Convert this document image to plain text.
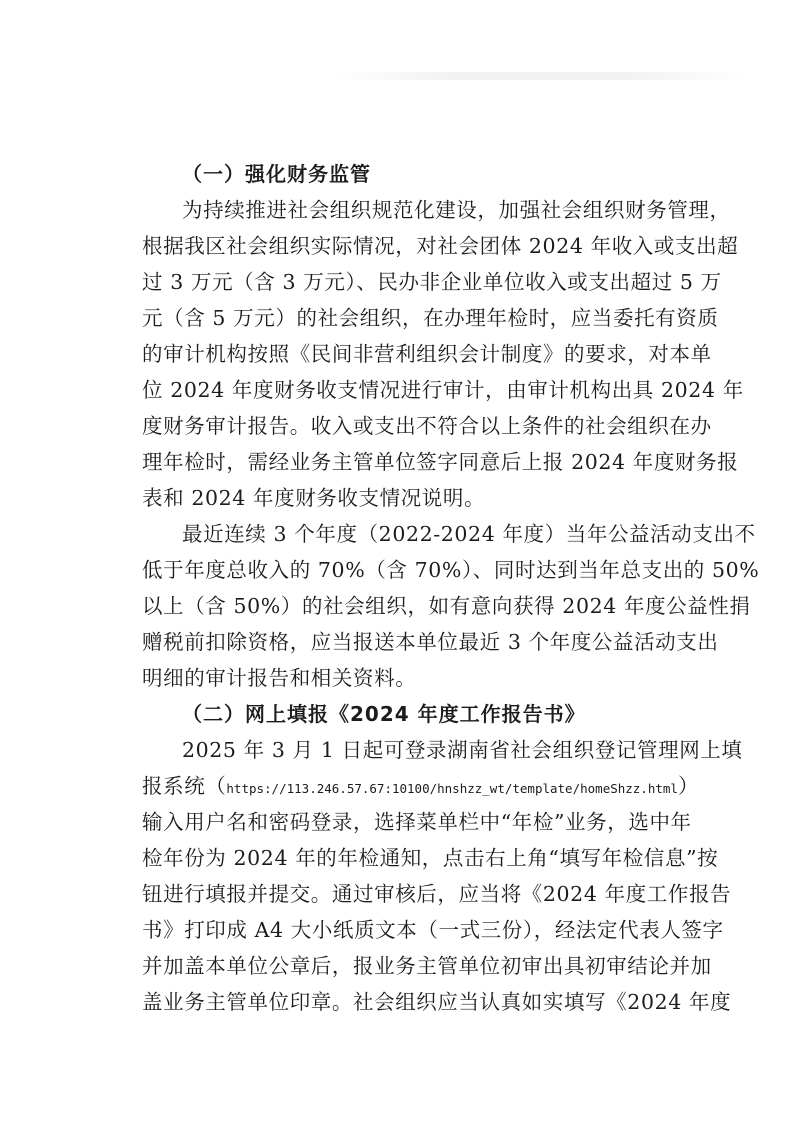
（一）强化财务监管
为持续推进社会组织规范化建设，加强社会组织财务管理，
根据我区社会组织实际情况，对社会团体 2024 年收入或支出超
过 3 万元（含 3 万元）、民办非企业单位收入或支出超过 5 万
元（含 5 万元）的社会组织，在办理年检时，应当委托有资质
的审计机构按照《民间非营利组织会计制度》的要求，对本单
位 2024 年度财务收支情况进行审计，由审计机构出具 2024 年
度财务审计报告。收入或支出不符合以上条件的社会组织在办
理年检时，需经业务主管单位签字同意后上报 2024 年度财务报
表和 2024 年度财务收支情况说明。
最近连续 3 个年度（2022-2024 年度）当年公益活动支出不
低于年度总收入的 70%（含 70%）、同时达到当年总支出的 50%
以上（含 50%）的社会组织，如有意向获得 2024 年度公益性捐
赠税前扣除资格，应当报送本单位最近 3 个年度公益活动支出
明细的审计报告和相关资料。
（二）网上填报《2024 年度工作报告书》
2025 年 3 月 1 日起可登录湖南省社会组织登记管理网上填
报系统（https://113.246.57.67:10100/hnshzz_wt/template/homeShzz.html）
输入用户名和密码登录，选择菜单栏中“年检”业务，选中年
检年份为 2024 年的年检通知，点击右上角“填写年检信息”按
钮进行填报并提交。通过审核后，应当将《2024 年度工作报告
书》打印成 A4 大小纸质文本（一式三份），经法定代表人签字
并加盖本单位公章后，报业务主管单位初审出具初审结论并加
盖业务主管单位印章。社会组织应当认真如实填写《2024 年度
